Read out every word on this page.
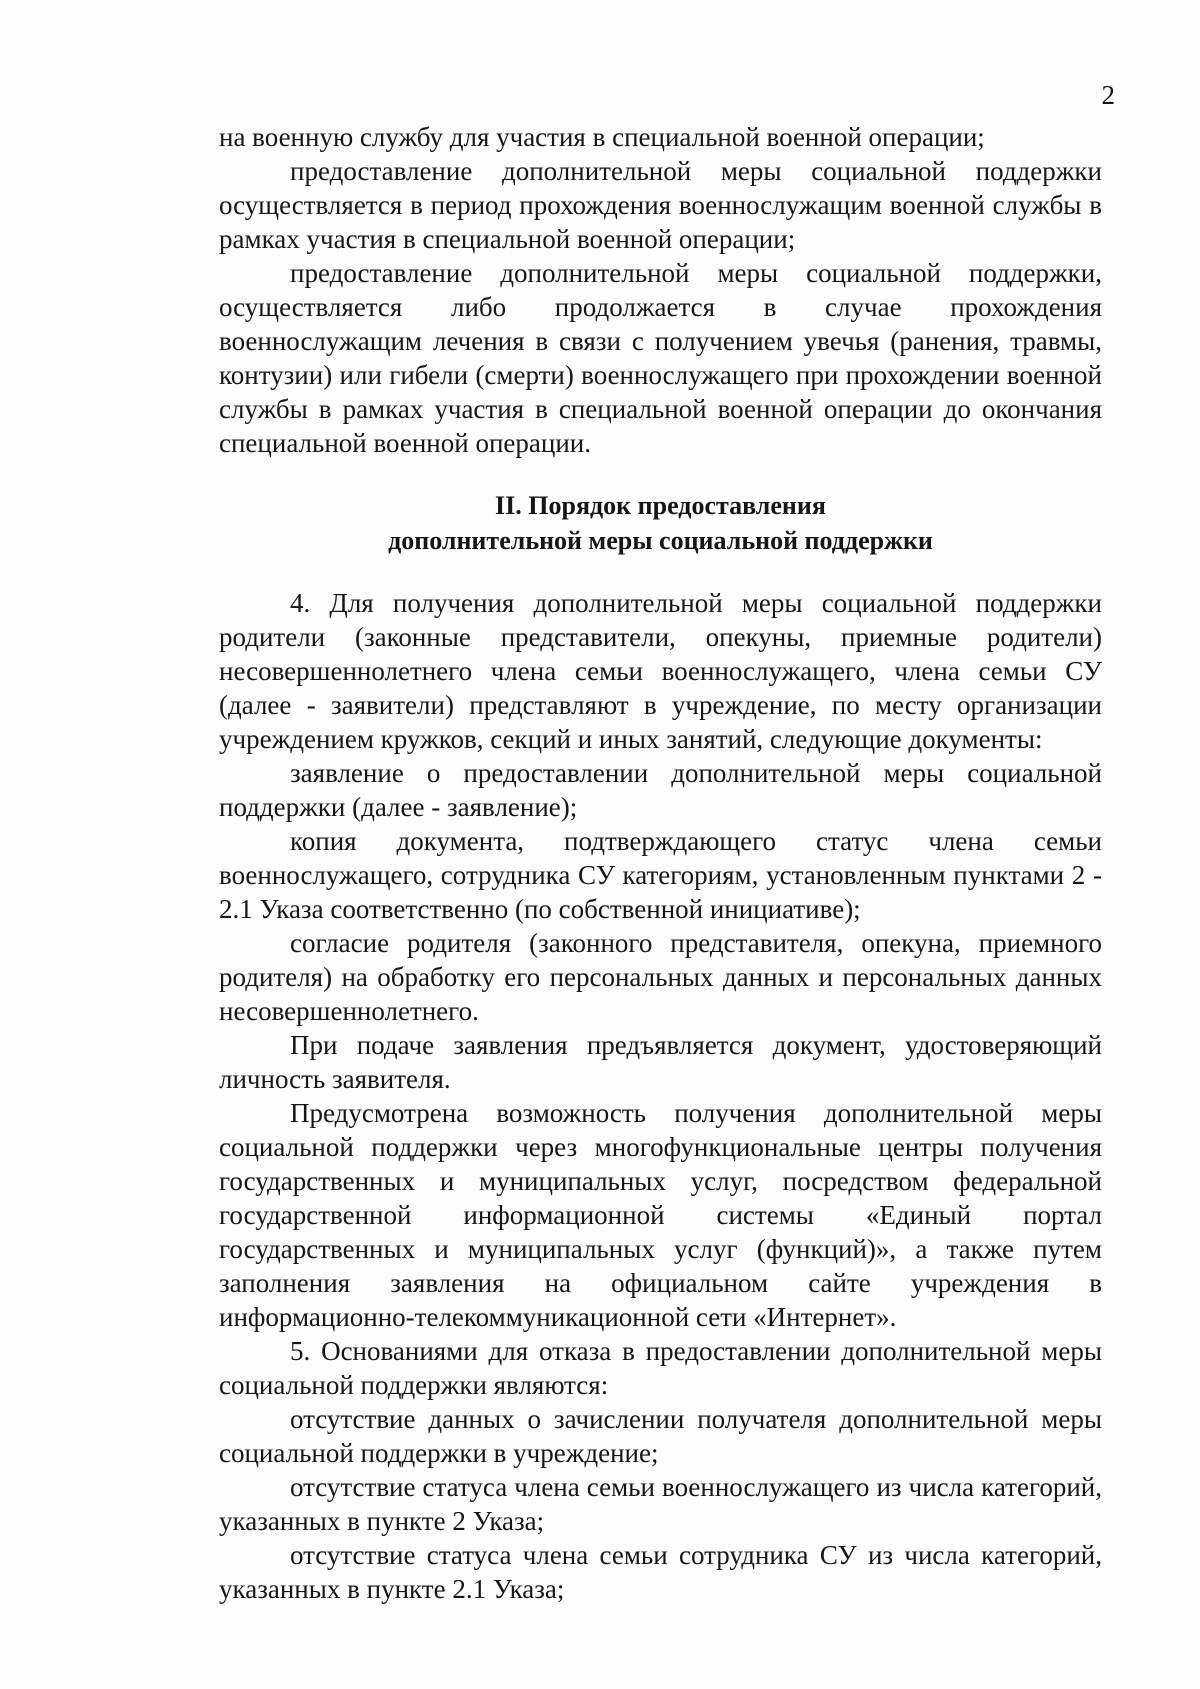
2

на военную службу для участия в специальной военной операции;

предоставление дополнительной меры социальной поддержки осуществляется в период прохождения военнослужащим военной службы в рамках участия в специальной военной операции;

предоставление дополнительной меры социальной поддержки, осуществляется либо продолжается в случае прохождения военнослужащим лечения в связи с получением увечья (ранения, травмы, контузии) или гибели (смерти) военнослужащего при прохождении военной службы в рамках участия в специальной военной операции до окончания специальной военной операции.

II. Порядок предоставления
дополнительной меры социальной поддержки

4. Для получения дополнительной меры социальной поддержки родители (законные представители, опекуны, приемные родители) несовершеннолетнего члена семьи военнослужащего, члена семьи СУ (далее - заявители) представляют в учреждение, по месту организации учреждением кружков, секций и иных занятий, следующие документы:

заявление о предоставлении дополнительной меры социальной поддержки (далее - заявление);

копия документа, подтверждающего статус члена семьи военнослужащего, сотрудника СУ категориям, установленным пунктами 2 - 2.1 Указа соответственно (по собственной инициативе);

согласие родителя (законного представителя, опекуна, приемного родителя) на обработку его персональных данных и персональных данных несовершеннолетнего.

При подаче заявления предъявляется документ, удостоверяющий личность заявителя.

Предусмотрена возможность получения дополнительной меры социальной поддержки через многофункциональные центры получения государственных и муниципальных услуг, посредством федеральной государственной информационной системы «Единый портал государственных и муниципальных услуг (функций)», а также путем заполнения заявления на официальном сайте учреждения в информационно-телекоммуникационной сети «Интернет».

5. Основаниями для отказа в предоставлении дополнительной меры социальной поддержки являются:

отсутствие данных о зачислении получателя дополнительной меры социальной поддержки в учреждение;

отсутствие статуса члена семьи военнослужащего из числа категорий, указанных в пункте 2 Указа;

отсутствие статуса члена семьи сотрудника СУ из числа категорий, указанных в пункте 2.1 Указа;
